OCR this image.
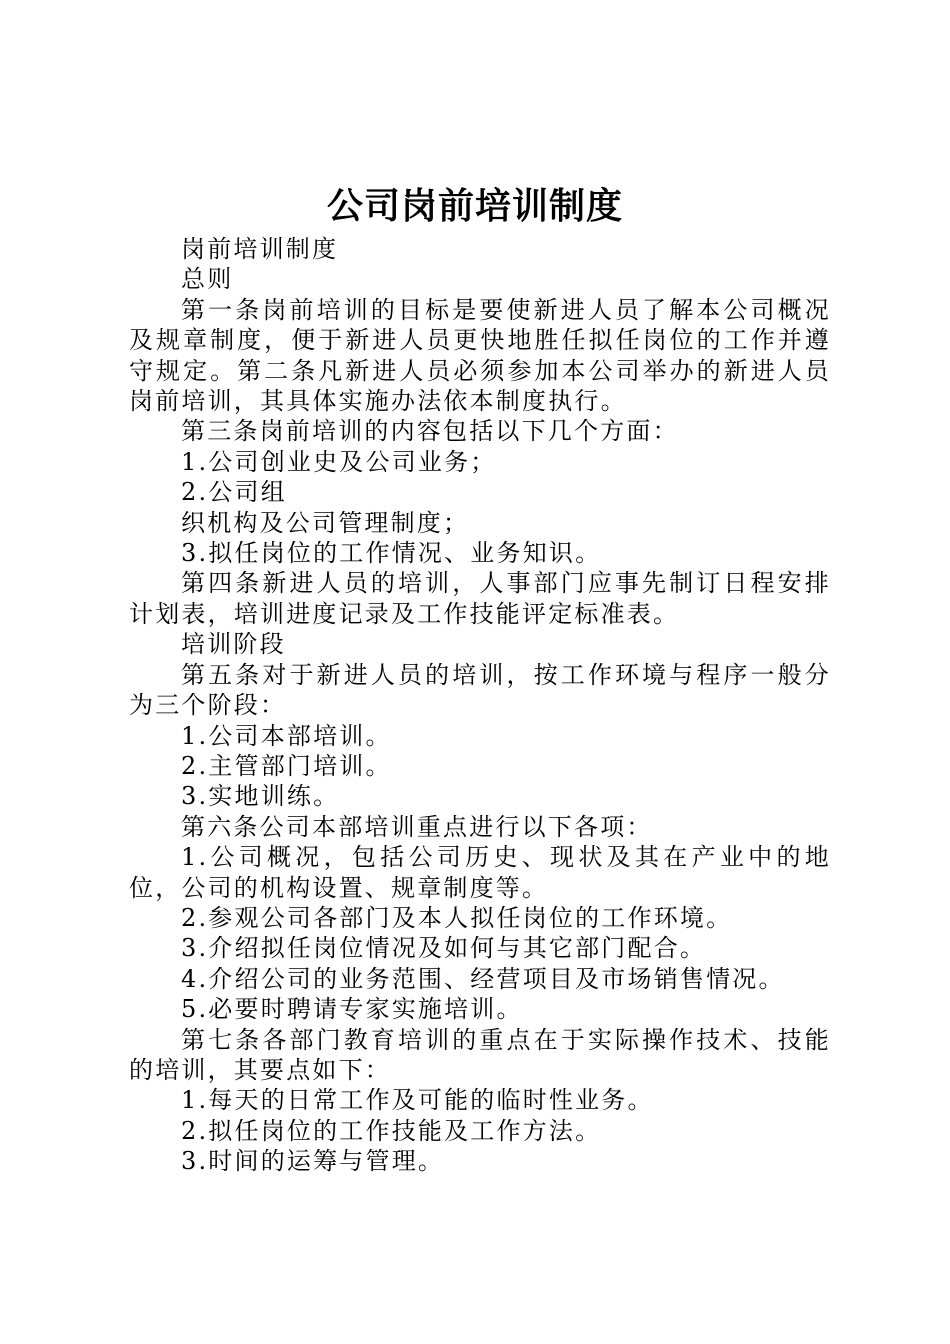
公司岗前培训制度

岗前培训制度

总则

第一条岗前培训的目标是要使新进人员了解本公司概况及规章制度，便于新进人员更快地胜任拟任岗位的工作并遵守规定。第二条凡新进人员必须参加本公司举办的新进人员岗前培训，其具体实施办法依本制度执行。

第三条岗前培训的内容包括以下几个方面：

1.公司创业史及公司业务；

2.公司组

织机构及公司管理制度；

3.拟任岗位的工作情况、业务知识。

第四条新进人员的培训，人事部门应事先制订日程安排计划表，培训进度记录及工作技能评定标准表。

培训阶段

第五条对于新进人员的培训，按工作环境与程序一般分为三个阶段：

1.公司本部培训。

2.主管部门培训。

3.实地训练。

第六条公司本部培训重点进行以下各项：

1.公司概况，包括公司历史、现状及其在产业中的地位，公司的机构设置、规章制度等。

2.参观公司各部门及本人拟任岗位的工作环境。

3.介绍拟任岗位情况及如何与其它部门配合。

4.介绍公司的业务范围、经营项目及市场销售情况。

5.必要时聘请专家实施培训。

第七条各部门教育培训的重点在于实际操作技术、技能的培训，其要点如下：

1.每天的日常工作及可能的临时性业务。

2.拟任岗位的工作技能及工作方法。

3.时间的运筹与管理。
